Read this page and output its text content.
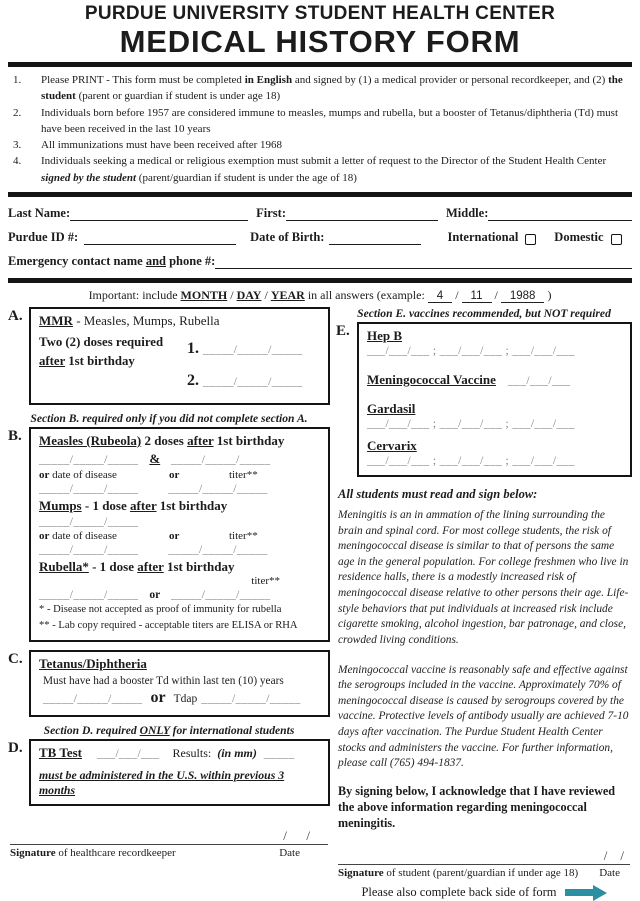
PURDUE UNIVERSITY STUDENT HEALTH CENTER
MEDICAL HISTORY FORM
1.	Please PRINT - This form must be completed in English and signed by (1) a medical provider or personal recordkeeper, and (2) the student (parent or guardian if student is under age 18)
2.	Individuals born before 1957 are considered immune to measles, mumps and rubella, but a booster of Tetanus/diphtheria (Td) must have been received in the last 10 years
3.	All immunizations must have been received after 1968
4.	Individuals seeking a medical or religious exemption must submit a letter of request to the Director of the Student Health Center signed by the student (parent/guardian if student is under the age of 18)
Last Name:	First:	Middle:
Purdue ID #:	Date of Birth:	International	Domestic
Emergency contact name and phone #:
Important: include MONTH / DAY / YEAR in all answers (example: 4 / 11 / 1988 )
A.	MMR - Measles, Mumps, Rubella
Two (2) doses required
after 1st birthday
1. _____/_____/_____
2. _____/_____/_____
Section B. required only if you did not complete section A.
B.	Measles (Rubeola) 2 doses after 1st birthday
_____/_____/_____ & _____/_____/_____
or date of disease	or	titer**
_____/_____/_____	_____/_____/_____
Mumps - 1 dose after 1st birthday
_____/_____/_____
or date of disease	or	titer**
_____/_____/_____	_____/_____/_____
Rubella* - 1 dose after 1st birthday
titer**
_____/_____/_____ or _____/_____/_____
* - Disease not accepted as proof of immunity for rubella
** - Lab copy required - acceptable titers are ELISA or RHA
C.	Tetanus/Diphtheria
Must have had a booster Td within last ten (10) years
_____/_____/_____ or Tdap _____/_____/_____
Section D. required ONLY for international students
D.	TB Test ___/___/___ Results: (in mm) _____
must be administered in the U.S. within previous 3 months
/      /
Signature of healthcare recordkeeper	Date
Section E. vaccines recommended, but NOT required
E.	Hep B
___/___/___ ; ___/___/___ ; ___/___/___
Meningococcal Vaccine ___/___/___
Gardasil
___/___/___ ; ___/___/___ ; ___/___/___
Cervarix
___/___/___ ; ___/___/___ ; ___/___/___
All students must read and sign below:
Meningitis is an in ammation of the lining surrounding the brain and spinal cord. For most college students, the risk of meningococcal disease is similar to that of persons the same age in the general population. For college freshmen who live in residence halls, there is a modestly increased risk of meningococcal disease relative to other persons their age. Life-style behaviors that put individuals at increased risk include cigarette smoking, alcohol ingestion, bar patronage, and close, crowded living conditions.
Meningococcal vaccine is reasonably safe and effective against the serogroups included in the vaccine. Approximately 70% of meningococcal disease is caused by serogroups covered by the vaccine. Protective levels of antibody usually are achieved 7-10 days after vaccination. The Purdue Student Health Center stocks and administers the vaccine. For further information, please call (765) 494-1837.
By signing below, I acknowledge that I have reviewed the above information regarding meningococcal meningitis.
/    /
Signature of student (parent/guardian if under age 18) Date
Please also complete back side of form
